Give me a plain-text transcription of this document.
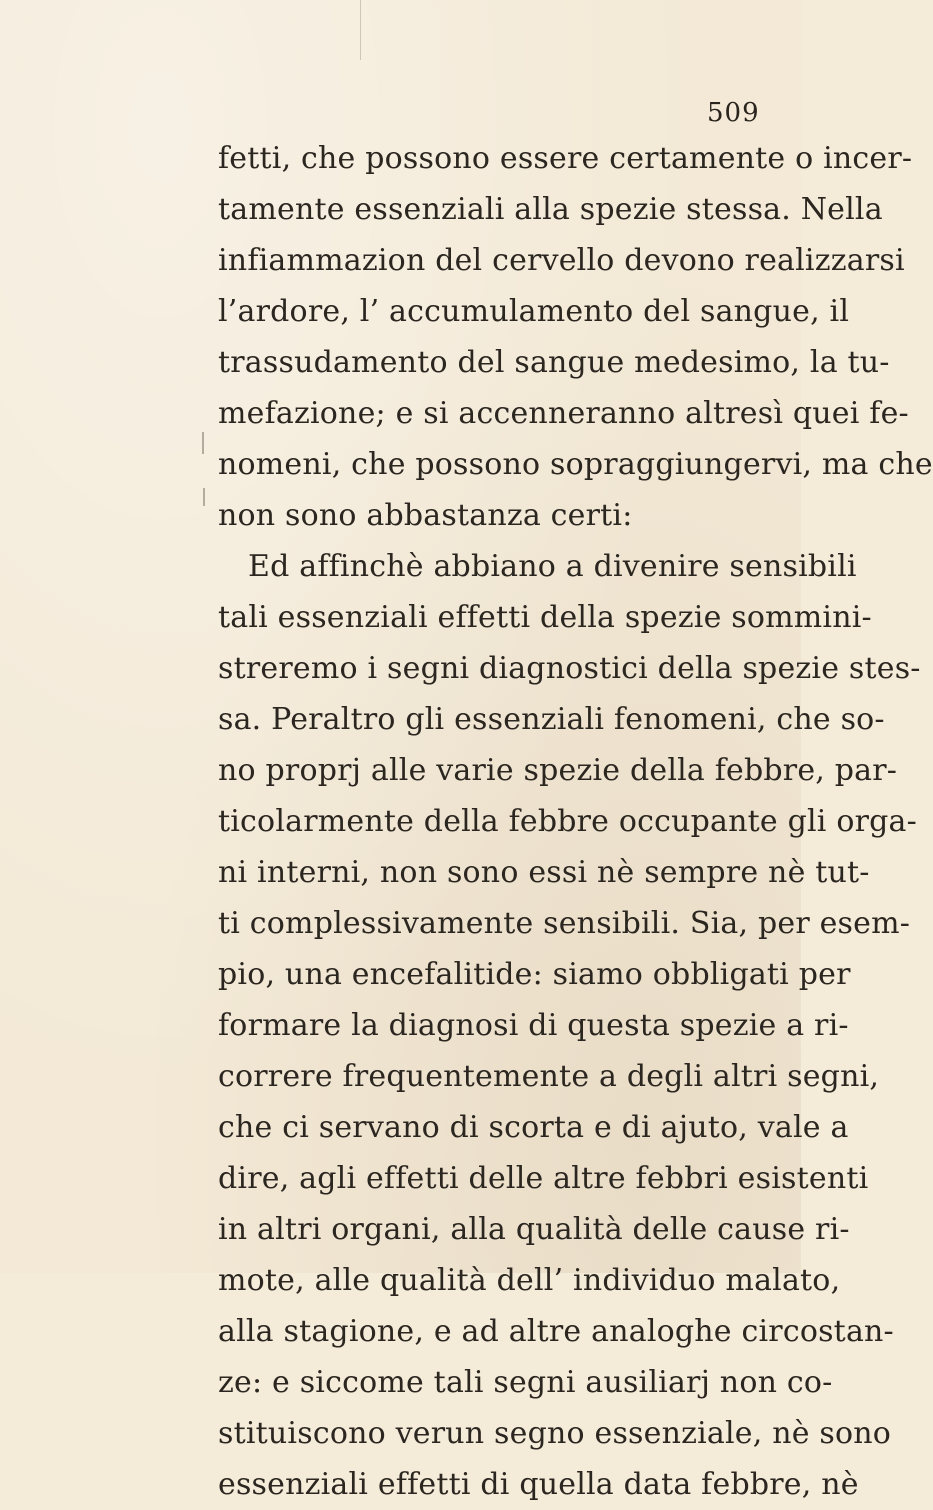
509
fetti, che possono essere certamente o incer-
tamente essenziali alla spezie stessa. Nella
infiammazion del cervello devono realizzarsi
l’ardore, l’ accumulamento del sangue, il
trassudamento del sangue medesimo, la tu-
mefazione; e si accenneranno altresì quei fe-
nomeni, che possono sopraggiungervi, ma che
non sono abbastanza certi:
Ed affinchè abbiano a divenire sensibili
tali essenziali effetti della spezie sommini-
streremo i segni diagnostici della spezie stes-
sa. Peraltro gli essenziali fenomeni, che so-
no proprj alle varie spezie della febbre, par-
ticolarmente della febbre occupante gli orga-
ni interni, non sono essi nè sempre nè tut-
ti complessivamente sensibili. Sia, per esem-
pio, una encefalitide: siamo obbligati per
formare la diagnosi di questa spezie a ri-
correre frequentemente a degli altri segni,
che ci servano di scorta e di ajuto, vale a
dire, agli effetti delle altre febbri esistenti
in altri organi, alla qualità delle cause ri-
mote, alle qualità dell’ individuo malato,
alla stagione, e ad altre analoghe circostan-
ze: e siccome tali segni ausiliarj non co-
stituiscono verun segno essenziale, nè sono
essenziali effetti di quella data febbre, nè
